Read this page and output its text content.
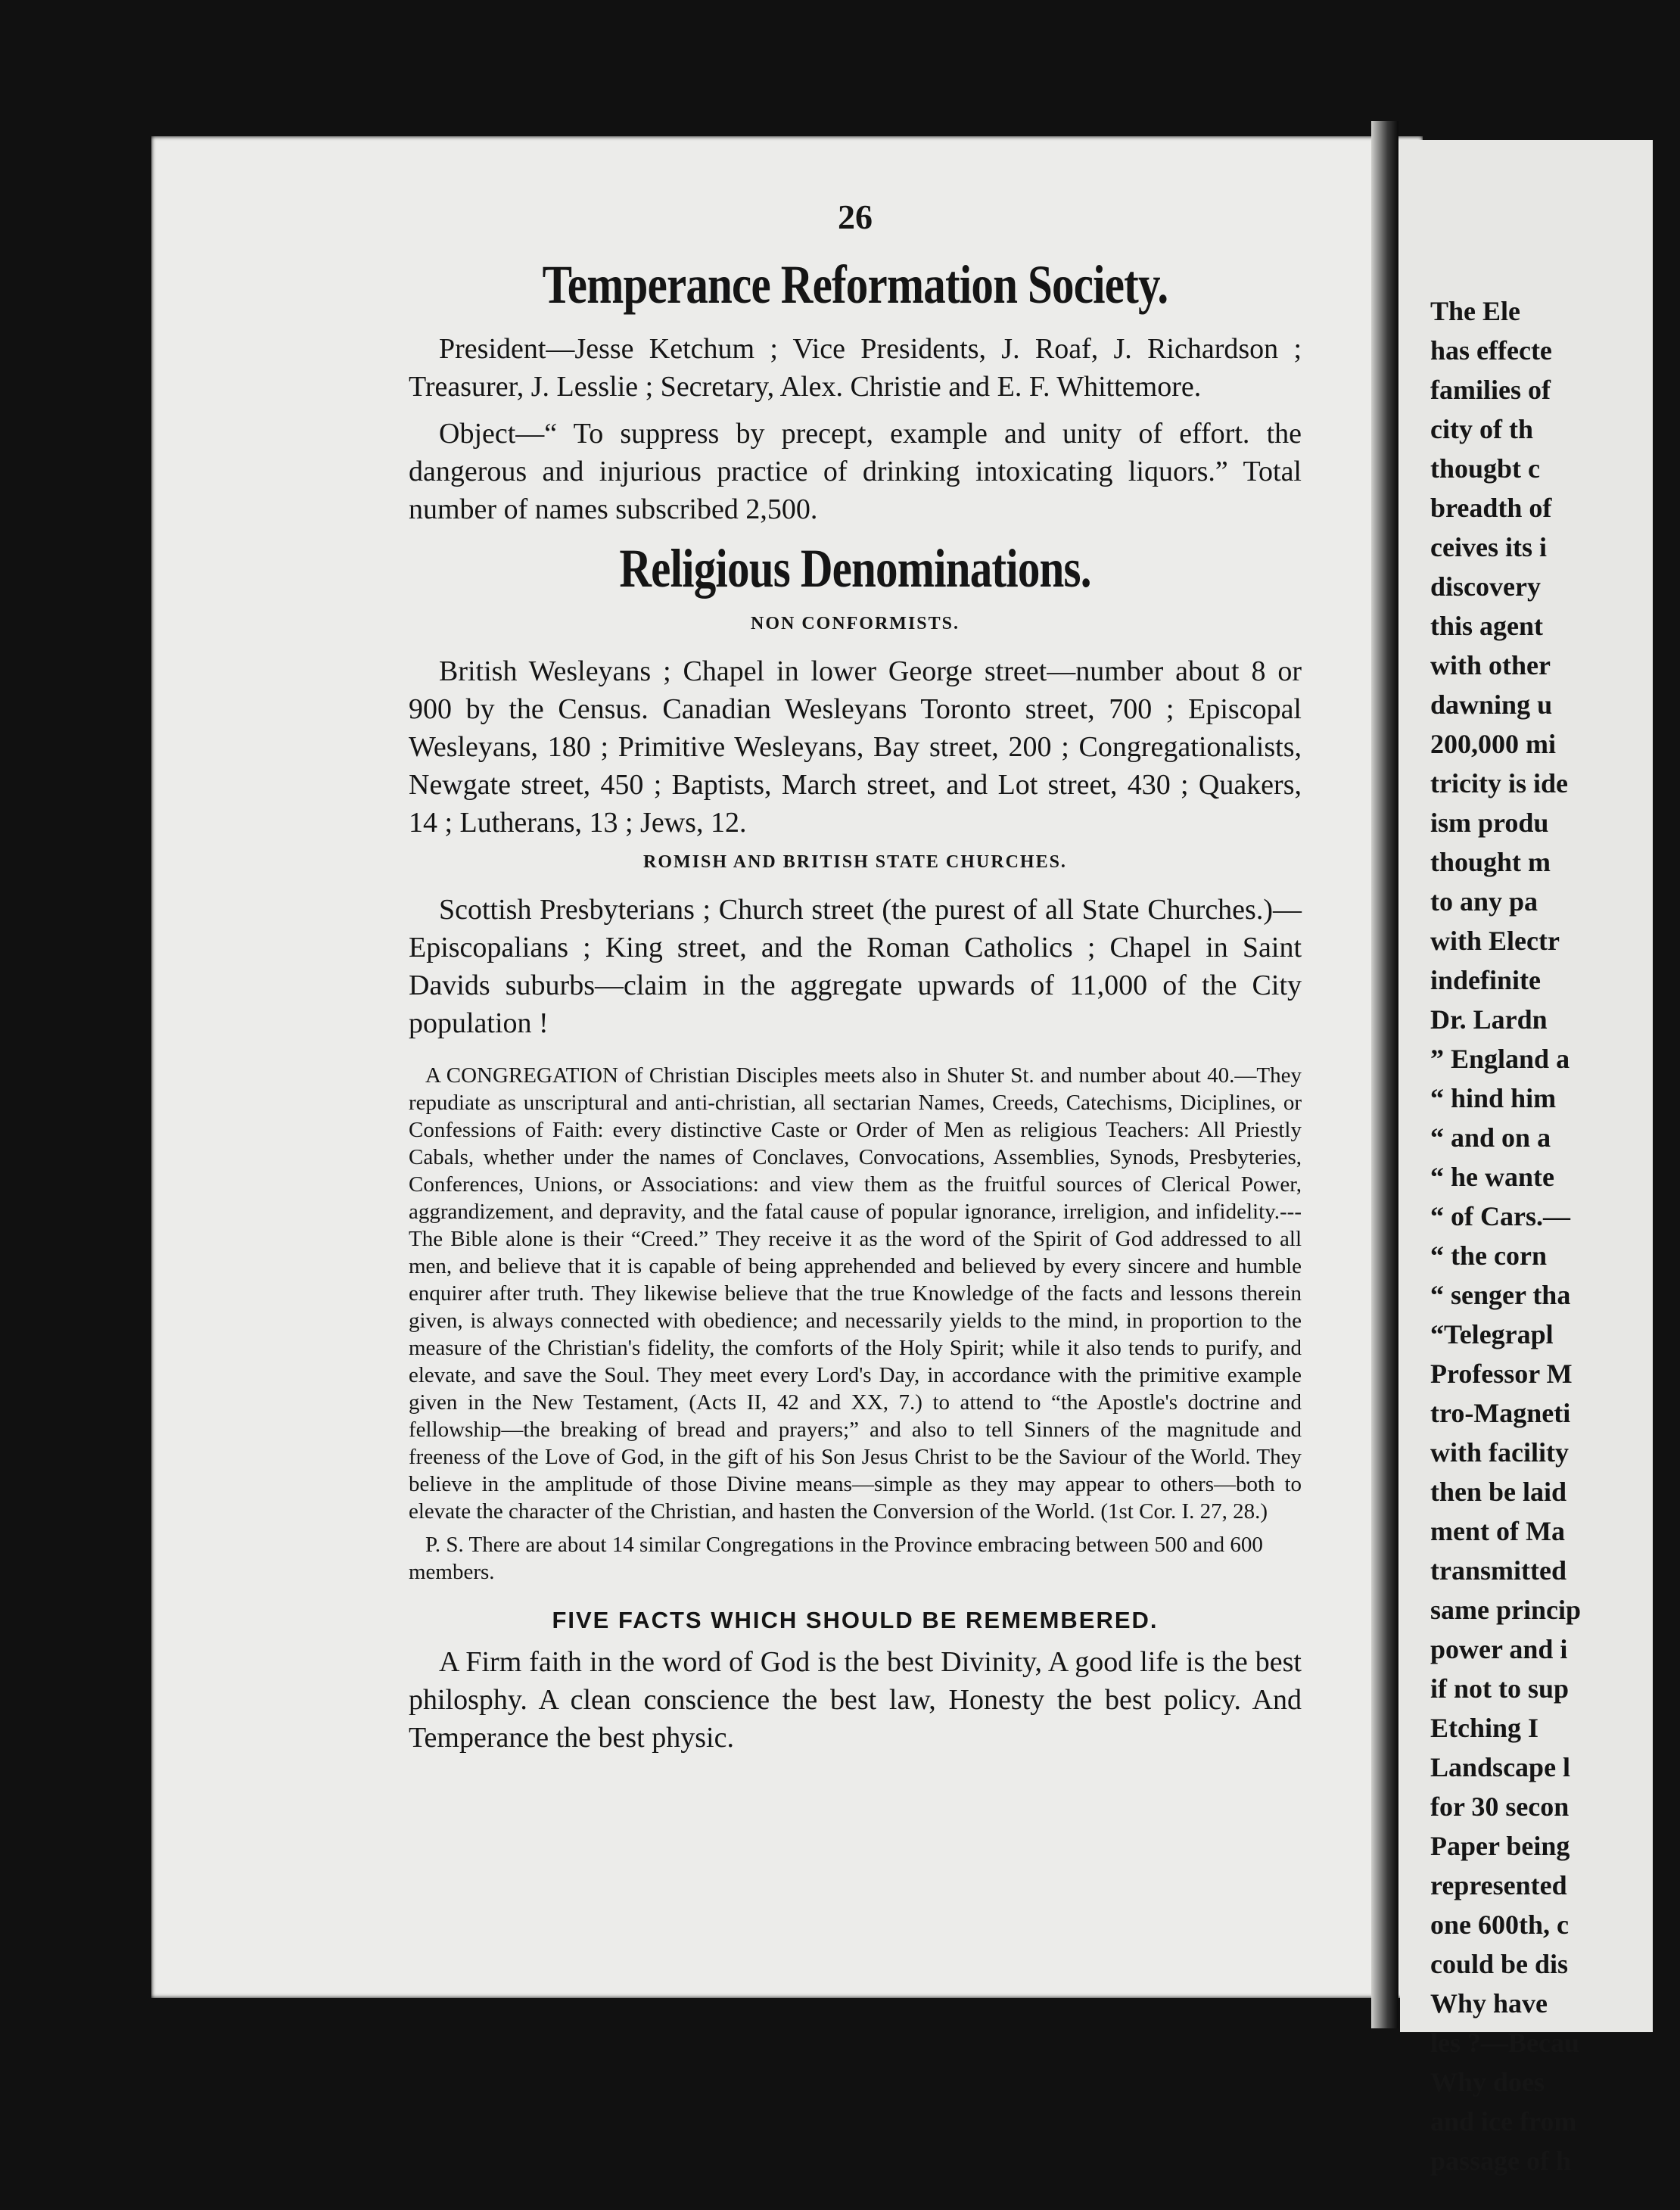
The Ele
has effecte
families of
city of th
thougbt c
breadth of
ceives its i
discovery
this agent
with other
dawning u
200,000 mi
tricity is ide
ism produ
thought m
to any pa
with Electr
indefinite
Dr. Lardn
” England a
“ hind him
“ and on a
“ he wante
“ of Cars.—
“ the corn
“ senger tha
“Telegrapl
Professor M
tro-Magneti
with facility
then be laid
ment of Ma
transmitted
same princip
power and i
if not to sup
Etching I
Landscape l
for 30 secon
Paper being
represented
one 600th, c
could be dis
Why have
les ?—Becau
Why does
and ice from
passage of h
26
Temperance Reformation Society.

President—Jesse Ketchum ; Vice Presidents, J. Roaf, J. Richardson ; Treasurer, J. Lesslie ; Secretary, Alex. Christie and E. F. Whittemore.

Object—“ To suppress by precept, example and unity of effort. the dangerous and injurious practice of drinking intoxicating liquors.” Total number of names subscribed 2,500.

Religious Denominations.
NON CONFORMISTS.

British Wesleyans ; Chapel in lower George street—number about 8 or 900 by the Census. Canadian Wesleyans Toronto street, 700 ; Episcopal Wesleyans, 180 ; Primitive Wesleyans, Bay street, 200 ; Congregationalists, Newgate street, 450 ; Baptists, March street, and Lot street, 430 ; Quakers, 14 ; Lutherans, 13 ; Jews, 12.

ROMISH AND BRITISH STATE CHURCHES.

Scottish Presbyterians ; Church street (the purest of all State Churches.)—Episcopalians ; King street, and the Roman Catholics ; Chapel in Saint Davids suburbs—claim in the aggregate upwards of 11,000 of the City population !

A CONGREGATION of Christian Disciples meets also in Shuter St. and number about 40.—They repudiate as unscriptural and anti-christian, all sectarian Names, Creeds, Catechisms, Diciplines, or Confessions of Faith: every distinctive Caste or Order of Men as religious Teachers: All Priestly Cabals, whether under the names of Conclaves, Convocations, Assemblies, Synods, Presbyteries, Conferences, Unions, or Associations: and view them as the fruitful sources of Clerical Power, aggrandizement, and depravity, and the fatal cause of popular ignorance, irreligion, and infidelity.---The Bible alone is their “Creed.” They receive it as the word of the Spirit of God addressed to all men, and believe that it is capable of being apprehended and believed by every sincere and humble enquirer after truth. They likewise believe that the true Knowledge of the facts and lessons therein given, is always connected with obedience; and necessarily yields to the mind, in proportion to the measure of the Christian's fidelity, the comforts of the Holy Spirit; while it also tends to purify, and elevate, and save the Soul. They meet every Lord's Day, in accordance with the primitive example given in the New Testament, (Acts II, 42 and XX, 7.) to attend to “the Apostle's doctrine and fellowship—the breaking of bread and prayers;” and also to tell Sinners of the magnitude and freeness of the Love of God, in the gift of his Son Jesus Christ to be the Saviour of the World. They believe in the amplitude of those Divine means—simple as they may appear to others—both to elevate the character of the Christian, and hasten the Conversion of the World. (1st Cor. I. 27, 28.)

P. S. There are about 14 similar Congregations in the Province embracing between 500 and 600 members.

FIVE FACTS WHICH SHOULD BE REMEMBERED.

A Firm faith in the word of God is the best Divinity, A good life is the best philosphy. A clean conscience the best law, Honesty the best policy. And Temperance the best physic.
